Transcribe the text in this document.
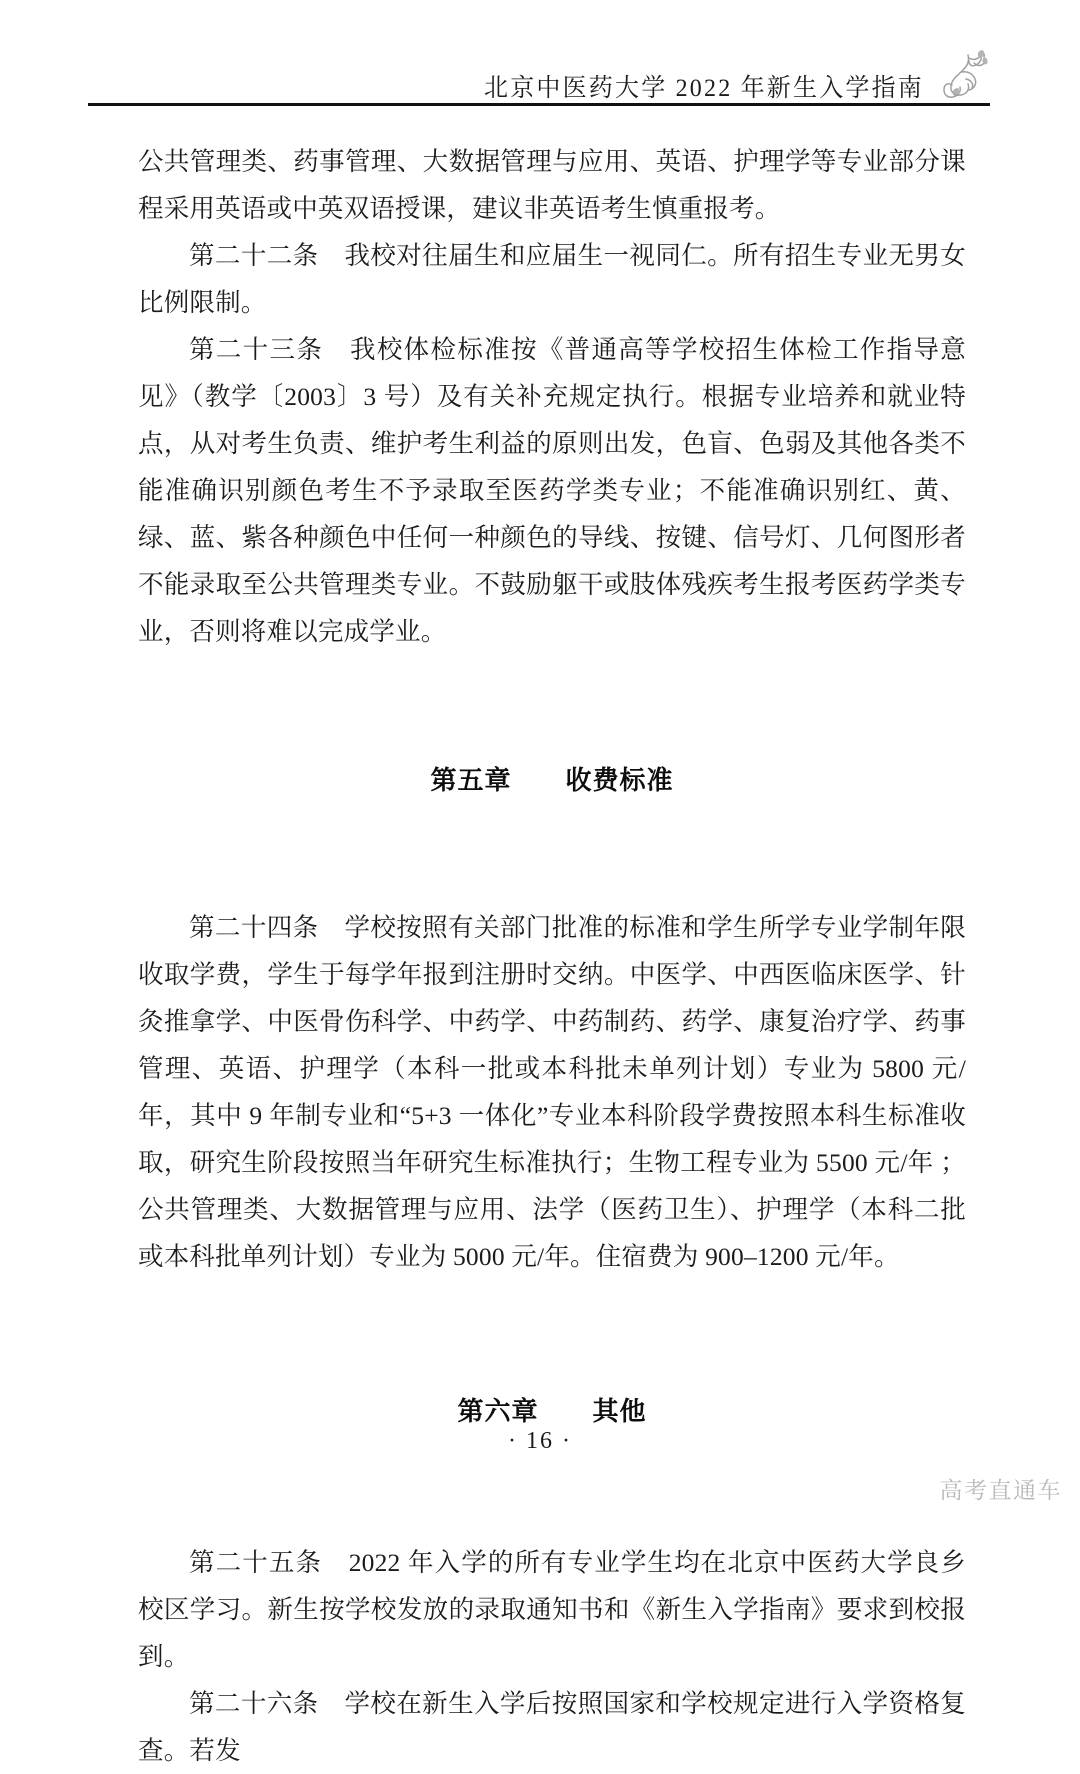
北京中医药大学 2022 年新生入学指南

公共管理类、药事管理、大数据管理与应用、英语、护理学等专业部分课程采用英语或中英双语授课，建议非英语考生慎重报考。

第二十二条　我校对往届生和应届生一视同仁。所有招生专业无男女比例限制。

第二十三条　我校体检标准按《普通高等学校招生体检工作指导意见》（教学〔2003〕3 号）及有关补充规定执行。根据专业培养和就业特点，从对考生负责、维护考生利益的原则出发，色盲、色弱及其他各类不能准确识别颜色考生不予录取至医药学类专业；不能准确识别红、黄、绿、蓝、紫各种颜色中任何一种颜色的导线、按键、信号灯、几何图形者不能录取至公共管理类专业。不鼓励躯干或肢体残疾考生报考医药学类专业，否则将难以完成学业。

第五章　　收费标准

第二十四条　学校按照有关部门批准的标准和学生所学专业学制年限收取学费，学生于每学年报到注册时交纳。中医学、中西医临床医学、针灸推拿学、中医骨伤科学、中药学、中药制药、药学、康复治疗学、药事管理、英语、护理学（本科一批或本科批未单列计划）专业为 5800 元/年，其中 9 年制专业和“5+3 一体化”专业本科阶段学费按照本科生标准收取，研究生阶段按照当年研究生标准执行；生物工程专业为 5500 元/年 ；公共管理类、大数据管理与应用、法学（医药卫生）、护理学（本科二批或本科批单列计划）专业为 5000 元/年。住宿费为 900–1200 元/年。

第六章　　其他

第二十五条　2022 年入学的所有专业学生均在北京中医药大学良乡校区学习。新生按学校发放的录取通知书和《新生入学指南》要求到校报到。

第二十六条　学校在新生入学后按照国家和学校规定进行入学资格复查。若发

· 16 ·
高考直通车
